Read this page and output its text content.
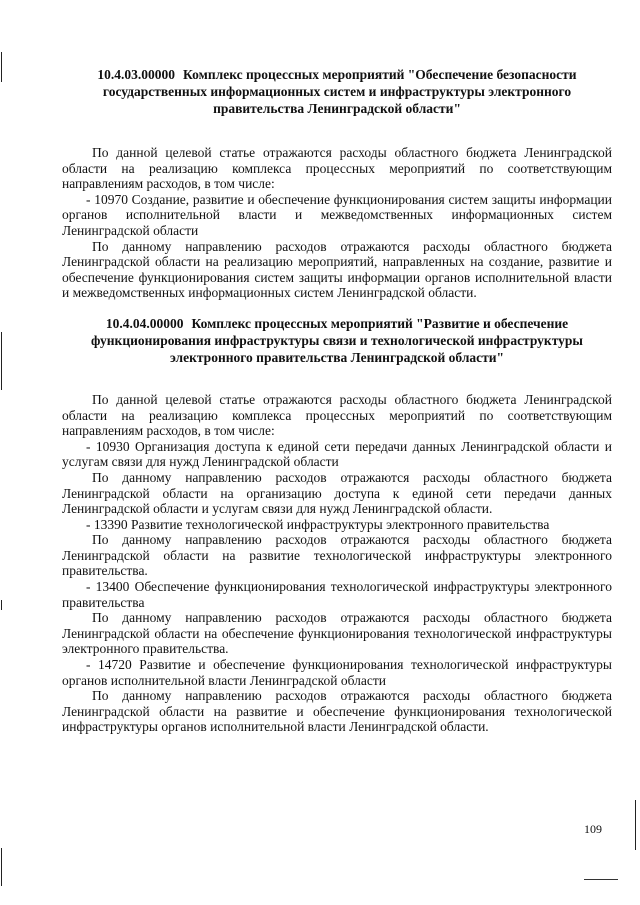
10.4.03.00000 Комплекс процессных мероприятий "Обеспечение безопасности государственных информационных систем и инфраструктуры электронного правительства Ленинградской области"

По данной целевой статье отражаются расходы областного бюджета Ленинградской области на реализацию комплекса процессных мероприятий по соответствующим направлениям расходов, в том числе:

- 10970 Создание, развитие и обеспечение функционирования систем защиты информации органов исполнительной власти и межведомственных информационных систем Ленинградской области

По данному направлению расходов отражаются расходы областного бюджета Ленинградской области на реализацию мероприятий, направленных на создание, развитие и обеспечение функционирования систем защиты информации органов исполнительной власти и межведомственных информационных систем Ленинградской области.

10.4.04.00000 Комплекс процессных мероприятий "Развитие и обеспечение функционирования инфраструктуры связи и технологической инфраструктуры электронного правительства Ленинградской области"

По данной целевой статье отражаются расходы областного бюджета Ленинградской области на реализацию комплекса процессных мероприятий по соответствующим направлениям расходов, в том числе:

- 10930 Организация доступа к единой сети передачи данных Ленинградской области и услугам связи для нужд Ленинградской области

По данному направлению расходов отражаются расходы областного бюджета Ленинградской области на организацию доступа к единой сети передачи данных Ленинградской области и услугам связи для нужд Ленинградской области.

- 13390 Развитие технологической инфраструктуры электронного правительства

По данному направлению расходов отражаются расходы областного бюджета Ленинградской области на развитие технологической инфраструктуры электронного правительства.

- 13400 Обеспечение функционирования технологической инфраструктуры электронного правительства

По данному направлению расходов отражаются расходы областного бюджета Ленинградской области на обеспечение функционирования технологической инфраструктуры электронного правительства.

- 14720 Развитие и обеспечение функционирования технологической инфраструктуры органов исполнительной власти Ленинградской области

По данному направлению расходов отражаются расходы областного бюджета Ленинградской области на развитие и обеспечение функционирования технологической инфраструктуры органов исполнительной власти Ленинградской области.

109
